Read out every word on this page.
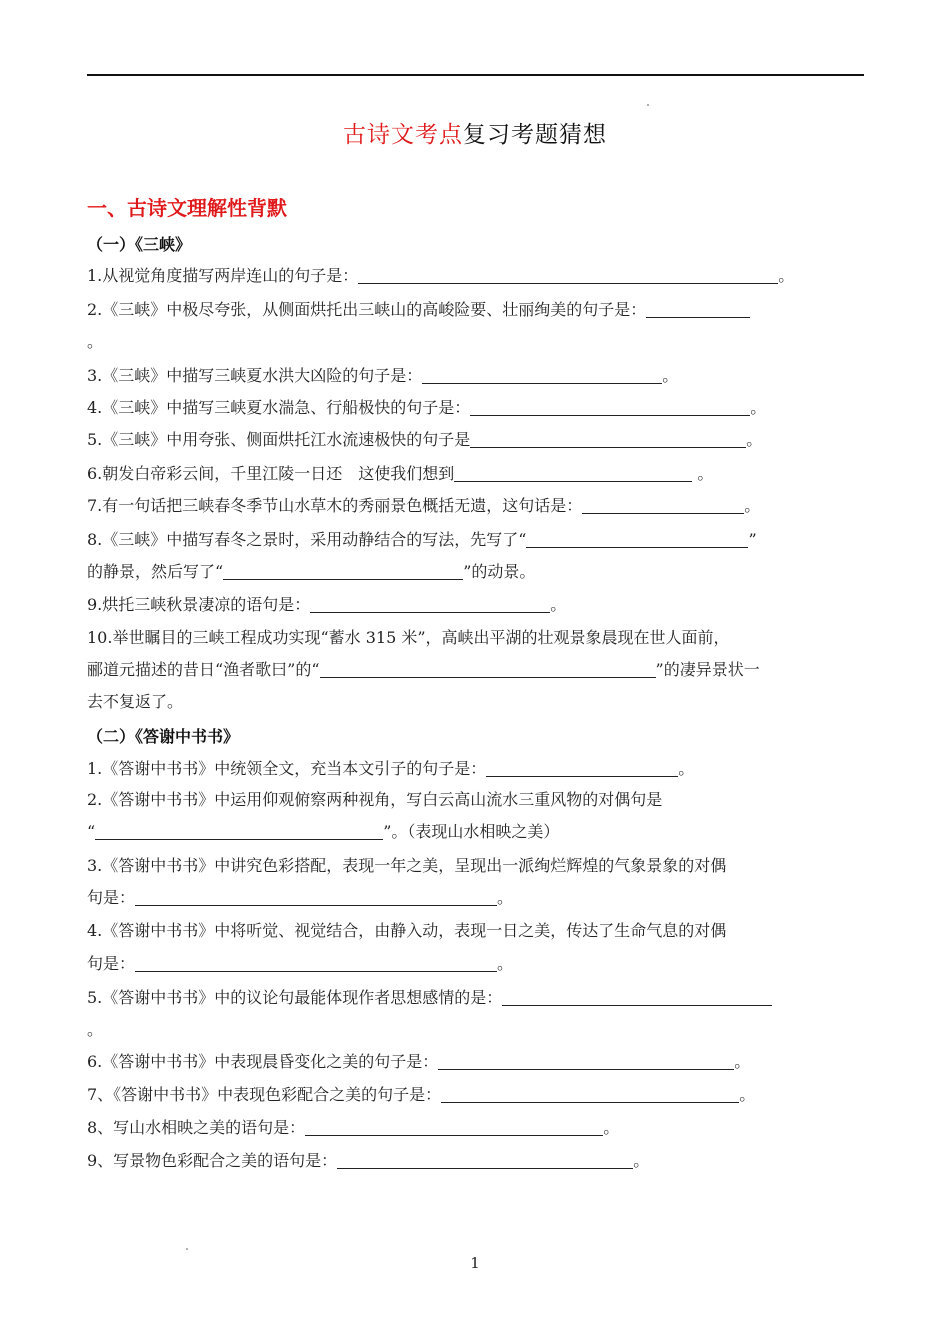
古诗文考点复习考题猜想
一、古诗文理解性背默
（一）《三峡》
1.从视觉角度描写两岸连山的句子是：	。
2.《三峡》中极尽夸张，从侧面烘托出三峡山的高峻险要、壮丽绚美的句子是：
。
3.《三峡》中描写三峡夏水洪大凶险的句子是：	。
4.《三峡》中描写三峡夏水湍急、行船极快的句子是：	。
5.《三峡》中用夸张、侧面烘托江水流速极快的句子是	。
6.朝发白帝彩云间，千里江陵一日还　这使我们想到	。
7.有一句话把三峡春冬季节山水草木的秀丽景色概括无遗，这句话是：	。
8.《三峡》中描写春冬之景时，采用动静结合的写法，先写了“	”
的静景，然后写了“	”的动景。
9.烘托三峡秋景凄凉的语句是：	。
10.举世瞩目的三峡工程成功实现“蓄水 315 米”，高峡出平湖的壮观景象晨现在世人面前，
郦道元描述的昔日“渔者歌曰”的“	”的凄异景状一
去不复返了。
（二）《答谢中书书》
1.《答谢中书书》中统领全文，充当本文引子的句子是：	。
2.《答谢中书书》中运用仰观俯察两种视角，写白云高山流水三重风物的对偶句是
“	”。（表现山水相映之美）
3.《答谢中书书》中讲究色彩搭配，表现一年之美，呈现出一派绚烂辉煌的气象景象的对偶
句是：	。
4.《答谢中书书》中将听觉、视觉结合，由静入动，表现一日之美，传达了生命气息的对偶
句是：	。
5.《答谢中书书》中的议论句最能体现作者思想感情的是：
。
6.《答谢中书书》中表现晨昏变化之美的句子是：	。
7、《答谢中书书》中表现色彩配合之美的句子是：	。
8、写山水相映之美的语句是：	。
9、写景物色彩配合之美的语句是：	。
1
